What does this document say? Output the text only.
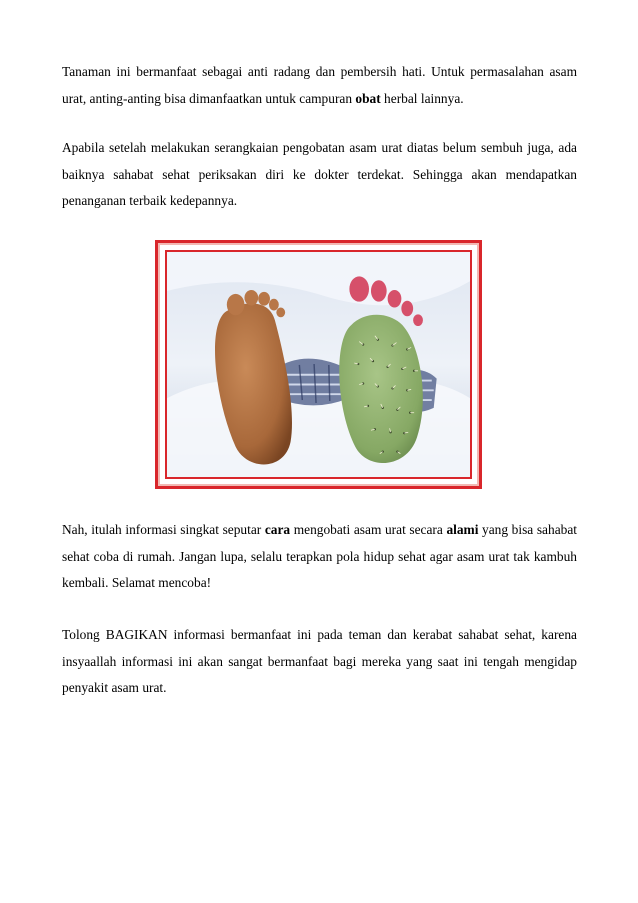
Tanaman ini bermanfaat sebagai anti radang dan pembersih hati. Untuk permasalahan asam urat, anting-anting bisa dimanfaatkan untuk campuran obat herbal lainnya.

Apabila setelah melakukan serangkaian pengobatan asam urat diatas belum sembuh juga, ada baiknya sahabat sehat periksakan diri ke dokter terdekat. Sehingga akan mendapatkan penanganan terbaik kedepannya.

Nah, itulah informasi singkat seputar cara mengobati asam urat secara alami yang bisa sahabat sehat coba di rumah. Jangan lupa, selalu terapkan pola hidup sehat agar asam urat tak kambuh kembali. Selamat mencoba!

Tolong BAGIKAN informasi bermanfaat ini pada teman dan kerabat sahabat sehat, karena insyaallah informasi ini akan sangat bermanfaat bagi mereka yang saat ini tengah mengidap penyakit asam urat.
